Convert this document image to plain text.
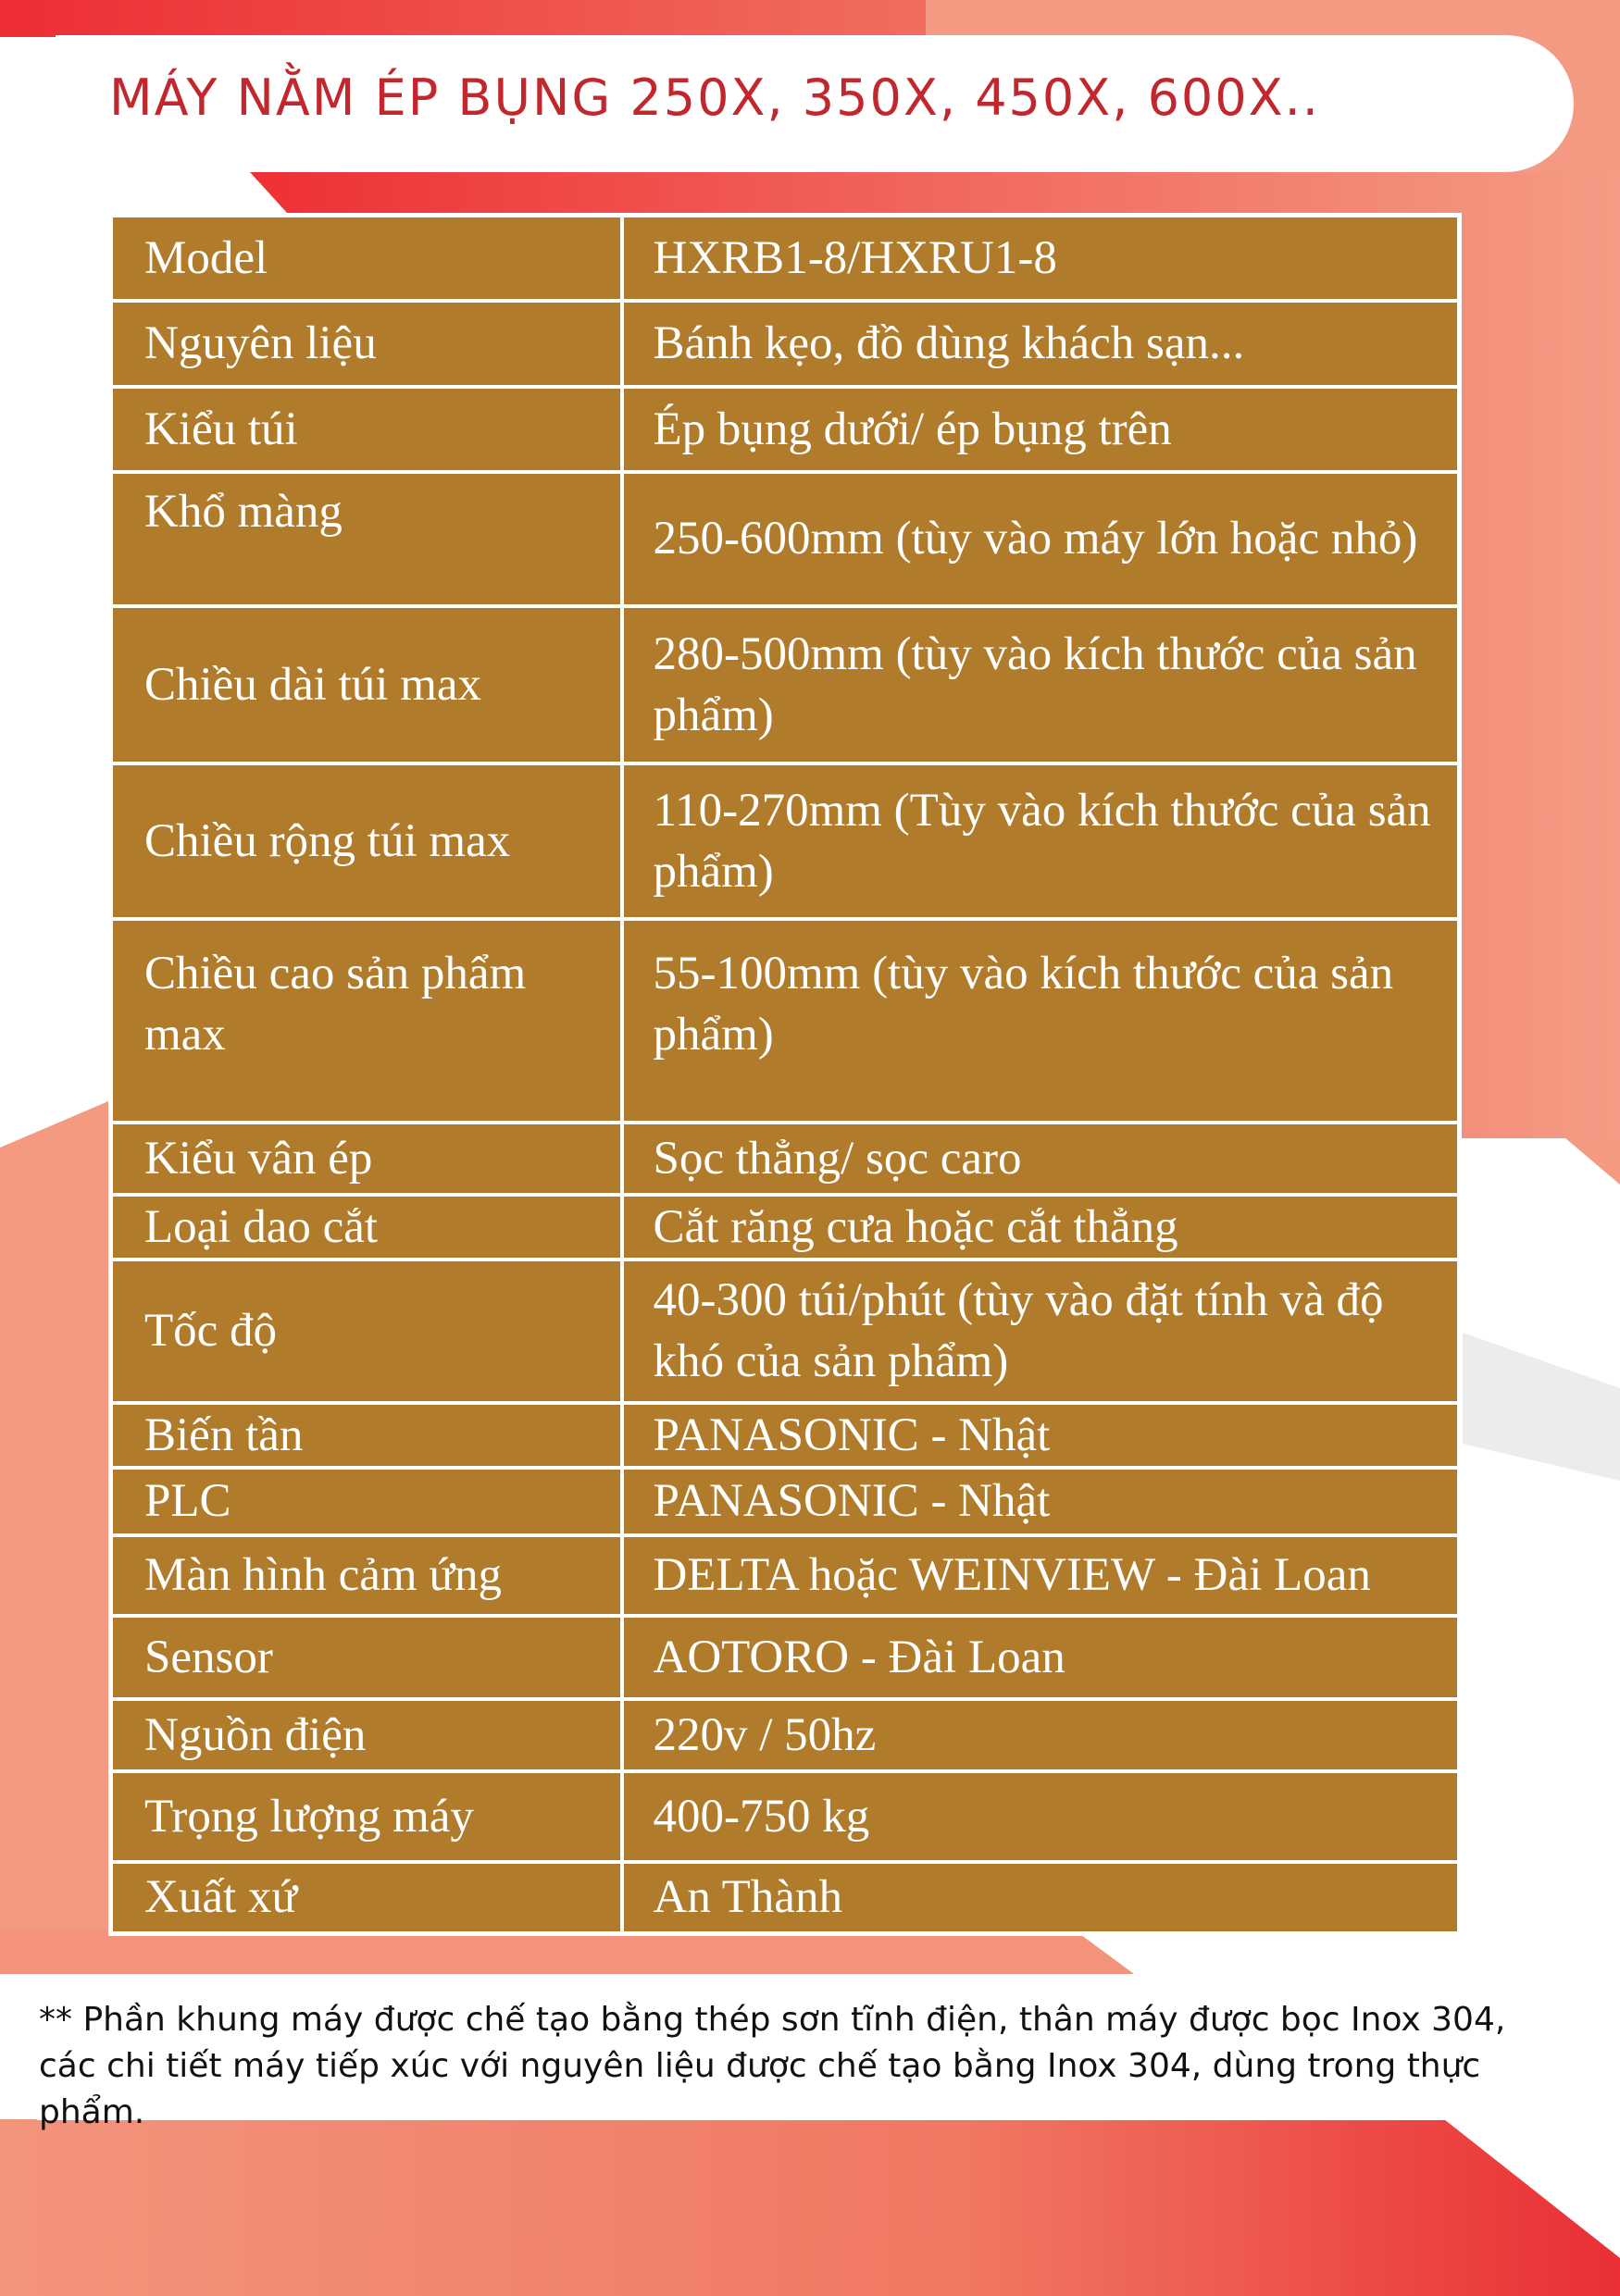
MÁY NẰM ÉP BỤNG 250X, 350X, 450X, 600X..
Model	HXRB1-8/HXRU1-8
Nguyên liệu	Bánh kẹo, đồ dùng khách sạn...
Kiểu túi	Ép bụng dưới/ ép bụng trên
Khổ màng	250-600mm (tùy vào máy lớn hoặc nhỏ)
Chiều dài túi max	280-500mm (tùy vào kích thước của sản phẩm)
Chiều rộng túi max	110-270mm (Tùy vào kích thước của sản phẩm)
Chiều cao sản phẩm max	55-100mm (tùy vào kích thước của sản phẩm)
Kiểu vân ép	Sọc thẳng/ sọc caro
Loại dao cắt	Cắt răng cưa hoặc cắt thẳng
Tốc độ	40-300 túi/phút (tùy vào đặt tính và độ khó của sản phẩm)
Biến tần	PANASONIC - Nhật
PLC	PANASONIC - Nhật
Màn hình cảm ứng	DELTA hoặc WEINVIEW - Đài Loan
Sensor	AOTORO - Đài Loan
Nguồn điện	220v / 50hz
Trọng lượng máy	400-750 kg
Xuất xứ	An Thành

** Phần khung máy được chế tạo bằng thép sơn tĩnh điện, thân máy được bọc Inox 304, các chi tiết máy tiếp xúc với nguyên liệu được chế tạo bằng Inox 304, dùng trong thực phẩm.
